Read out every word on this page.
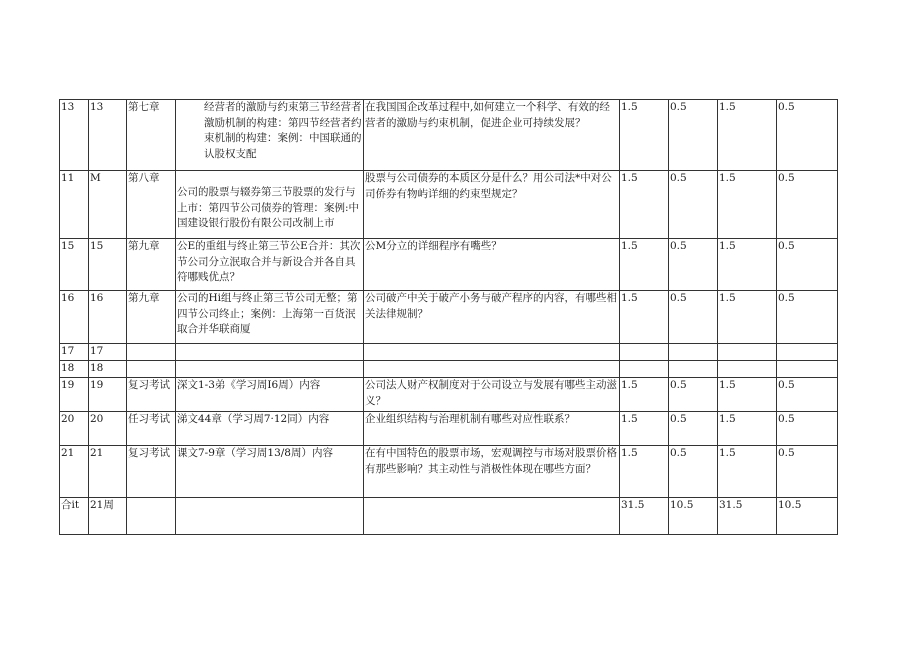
13	13	第七章	经营者的激励与约束第三节经营者激励机制的构建：第四节经营者约束机制的构建：案例：中国联通的认股权支配	在我国国企改革过程中,如何建立一个科学、有效的经营者的激励与约束机制，促进企业可持续发展？	1.5	0.5	1.5	0.5
11	M	第八章	公司的股票与辍券第三节股票的发行与上市：第四节公司债券的管理：案例:中国建设银行股份有限公司改制上市	股票与公司债券的本质区分是什么？用公司法*中对公司侨券有物屿详细的约束型规定？	1.5	0.5	1.5	0.5
15	15	第九章	公E的重组与终止第三节公E合并：其次节公司分立泯取合并与新设合并各自具符哪贱优点？	公M分立的详细程序有嘴些？	1.5	0.5	1.5	0.5
16	16	第九章	公司的Hi组与终止第三节公司无整；第四节公司终止；案例：上海第一百货泯取合并华联商厦	公司破产中关于破产小务与破产程序的内容，有哪些相关法律规制？	1.5	0.5	1.5	0.5
17	17							
18	18							
19	19	复习考试	深文1-3弟《学习周I6周）内容	公司法人财产权制度对于公司设立与发展有哪些主动滋义？	1.5	0.5	1.5	0.5
20	20	任习考试	涕文44章（学习周7·12同）内容	企业组织结构与治理机制有哪些对应性联系？	1.5	0.5	1.5	0.5
21	21	复习考试	课文7-9章（学习周13/8周）内容	在有中国特色的股票市场，宏观调控与市场对股票价格有那些影响？其主动性与消极性体现在哪些方面？	1.5	0.5	1.5	0.5
合it	21周				31.5	10.5	31.5	10.5
